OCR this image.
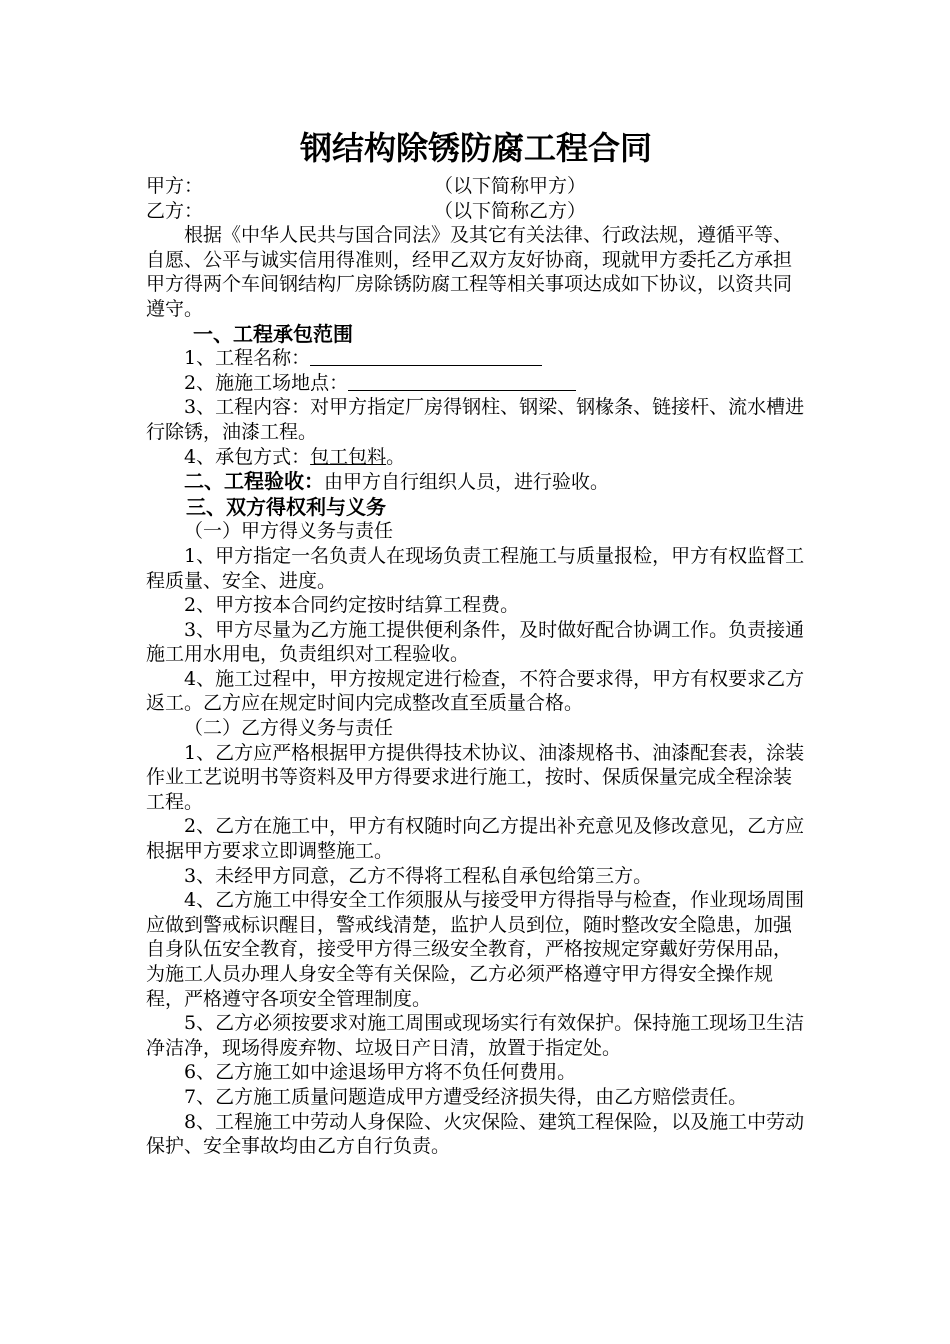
钢结构除锈防腐工程合同
甲方：	（以下简称甲方）
乙方：	（以下简称乙方）

根据《中华人民共与国合同法》及其它有关法律、行政法规，遵循平等、自愿、公平与诚实信用得准则，经甲乙双方友好协商，现就甲方委托乙方承担甲方得两个车间钢结构厂房除锈防腐工程等相关事项达成如下协议，以资共同遵守。

一、工程承包范围

1、工程名称：

2、施施工场地点：

3、工程内容：对甲方指定厂房得钢柱、钢梁、钢椽条、链接杆、流水槽进行除锈，油漆工程。

4、承包方式：包工包料。

二、工程验收：由甲方自行组织人员，进行验收。

三、双方得权利与义务

（一）甲方得义务与责任

1、甲方指定一名负责人在现场负责工程施工与质量报检，甲方有权监督工程质量、安全、进度。

2、甲方按本合同约定按时结算工程费。

3、甲方尽量为乙方施工提供便利条件，及时做好配合协调工作。负责接通施工用水用电，负责组织对工程验收。

4、施工过程中，甲方按规定进行检查，不符合要求得，甲方有权要求乙方返工。乙方应在规定时间内完成整改直至质量合格。

（二）乙方得义务与责任

1、乙方应严格根据甲方提供得技术协议、油漆规格书、油漆配套表，涂装作业工艺说明书等资料及甲方得要求进行施工，按时、保质保量完成全程涂装工程。

2、乙方在施工中，甲方有权随时向乙方提出补充意见及修改意见，乙方应根据甲方要求立即调整施工。

3、未经甲方同意，乙方不得将工程私自承包给第三方。

4、乙方施工中得安全工作须服从与接受甲方得指导与检查，作业现场周围应做到警戒标识醒目，警戒线清楚，监护人员到位，随时整改安全隐患，加强自身队伍安全教育，接受甲方得三级安全教育，严格按规定穿戴好劳保用品，为施工人员办理人身安全等有关保险，乙方必须严格遵守甲方得安全操作规程，严格遵守各项安全管理制度。

5、乙方必须按要求对施工周围或现场实行有效保护。保持施工现场卫生洁净洁净，现场得废弃物、垃圾日产日清，放置于指定处。

6、乙方施工如中途退场甲方将不负任何费用。

7、乙方施工质量问题造成甲方遭受经济损失得，由乙方赔偿责任。

8、工程施工中劳动人身保险、火灾保险、建筑工程保险，以及施工中劳动保护、安全事故均由乙方自行负责。
